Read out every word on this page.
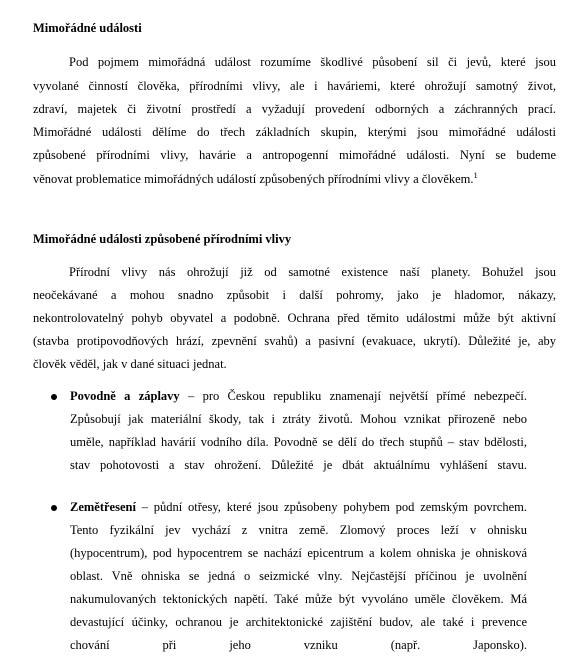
Mimořádné události
Pod pojmem mimořádná událost rozumíme škodlivé působení sil či jevů, které jsou
vyvolané činností člověka, přírodními vlivy, ale i haváriemi, které ohrožují samotný život,
zdraví, majetek či životní prostředí a vyžadují provedení odborných a záchranných prací.
Mimořádné události dělíme do třech základních skupin, kterými jsou mimořádné události
způsobené přírodními vlivy, havárie a antropogenní mimořádné události. Nyní se budeme
věnovat problematice mimořádných událostí způsobených přírodními vlivy a člověkem.$^1$
Mimořádné události způsobené přírodními vlivy
Přírodní vlivy nás ohrožují již od samotné existence naší planety. Bohužel jsou
neočekávané a mohou snadno způsobit i další pohromy, jako je hladomor, nákazy,
nekontrolovatelný pohyb obyvatel a podobně. Ochrana před těmito událostmi může být aktivní
(stavba protipovodňových hrází, zpevnění svahů) a pasivní (evakuace, ukrytí). Důležité je, aby
člověk věděl, jak v dané situaci jednat.
Povodně a záplavy – pro Českou republiku znamenají největší přímé nebezpečí.
Způsobují jak materiální škody, tak i ztráty životů. Mohou vznikat přirozeně nebo
uměle, například havárií vodního díla. Povodně se dělí do třech stupňů – stav bdělosti,
stav pohotovosti a stav ohrožení. Důležité je dbát aktuálnímu vyhlášení stavu.
Zemětřesení – půdní otřesy, které jsou způsobeny pohybem pod zemským povrchem.
Tento fyzikální jev vychází z vnitra země. Zlomový proces leží v ohnisku
(hypocentrum), pod hypocentrem se nachází epicentrum a kolem ohniska je ohnisková
oblast. Vně ohniska se jedná o seizmické vlny. Nejčastější příčinou je uvolnění
nakumulovaných tektonických napětí. Také může být vyvoláno uměle člověkem. Má
devastující účinky, ochranou je architektonické zajištění budov, ale také i prevence
chování při jeho vzniku (např. Japonsko).
